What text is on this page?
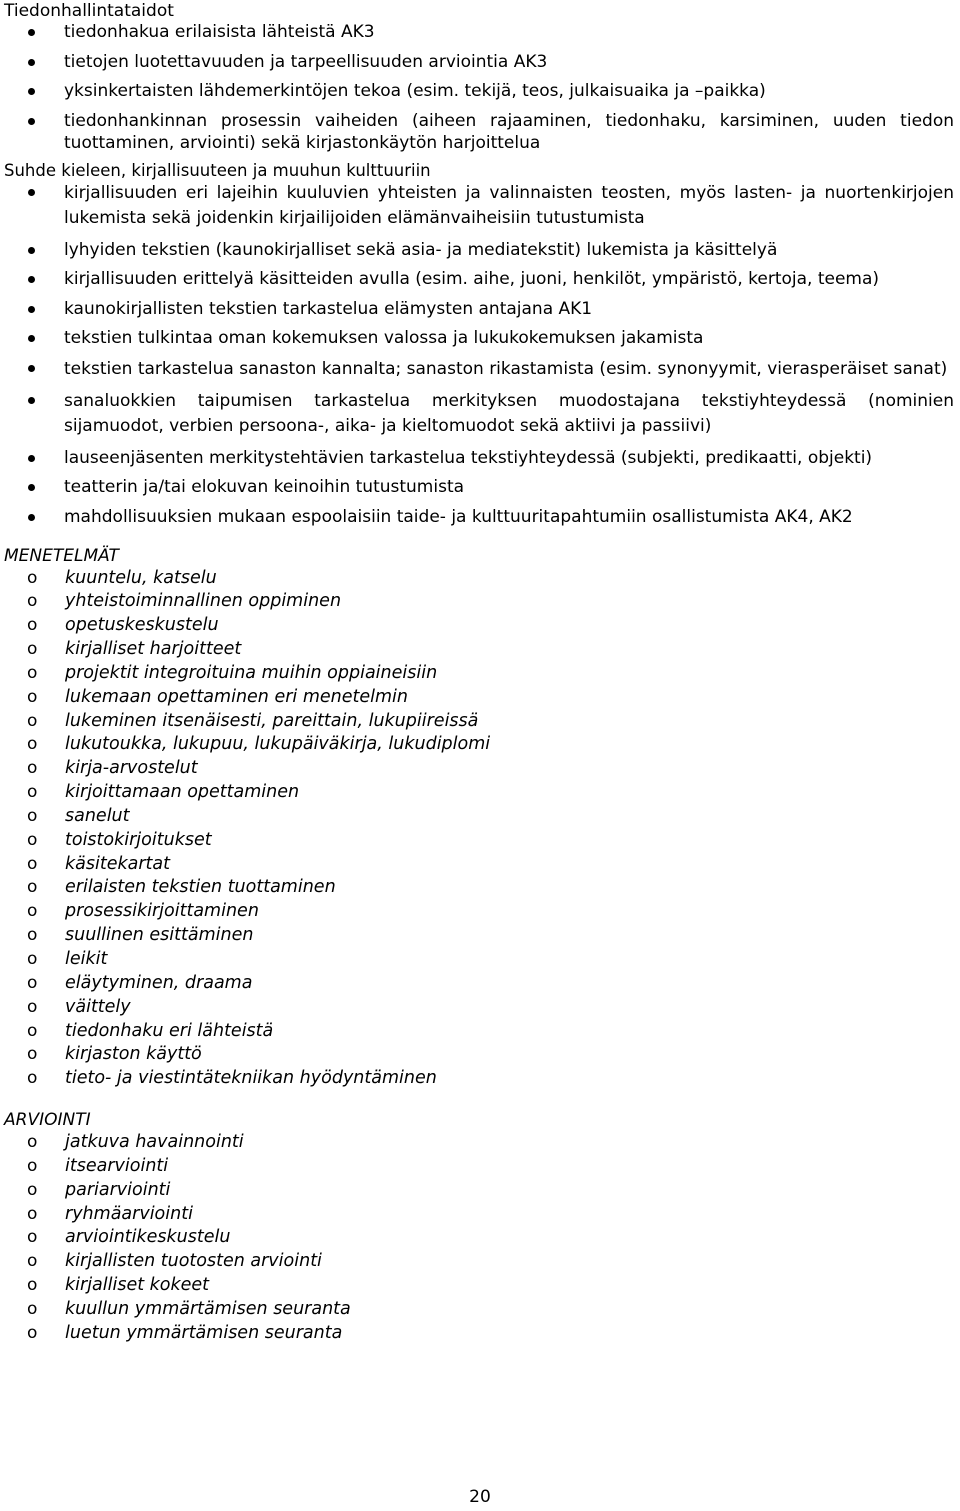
Tiedonhallintataidot

tiedonhakua erilaisista lähteistä AK3
tietojen luotettavuuden ja tarpeellisuuden arviointia AK3
yksinkertaisten lähdemerkintöjen tekoa (esim. tekijä, teos, julkaisuaika ja –paikka)
tiedonhankinnan prosessin vaiheiden (aiheen rajaaminen, tiedonhaku, karsiminen, uuden tiedon tuottaminen, arviointi) sekä kirjastonkäytön harjoittelua

Suhde kieleen, kirjallisuuteen ja muuhun kulttuuriin

kirjallisuuden eri lajeihin kuuluvien yhteisten ja valinnaisten teosten, myös lasten- ja nuortenkirjojen lukemista sekä joidenkin kirjailijoiden elämänvaiheisiin tutustumista
lyhyiden tekstien (kaunokirjalliset sekä asia- ja mediatekstit) lukemista ja käsittelyä
kirjallisuuden erittelyä käsitteiden avulla (esim. aihe, juoni, henkilöt, ympäristö, kertoja, teema)
kaunokirjallisten tekstien tarkastelua elämysten antajana AK1
tekstien tulkintaa oman kokemuksen valossa ja lukukokemuksen jakamista
tekstien tarkastelua sanaston kannalta; sanaston rikastamista (esim. synonyymit, vierasperäiset sanat)
sanaluokkien taipumisen tarkastelua merkityksen muodostajana tekstiyhteydessä (nominien sijamuodot, verbien persoona-, aika- ja kieltomuodot sekä aktiivi ja passiivi)
lauseenjäsenten merkitystehtävien tarkastelua tekstiyhteydessä (subjekti, predikaatti, objekti)
teatterin ja/tai elokuvan keinoihin tutustumista
mahdollisuuksien mukaan espoolaisiin taide- ja kulttuuritapahtumiin osallistumista AK4, AK2

MENETELMÄT

o kuuntelu, katselu
o yhteistoiminnallinen oppiminen
o opetuskeskustelu
o kirjalliset harjoitteet
o projektit integroituina muihin oppiaineisiin
o lukemaan opettaminen eri menetelmin
o lukeminen itsenäisesti, pareittain, lukupiireissä
o lukutoukka, lukupuu, lukupäiväkirja, lukudiplomi
o kirja-arvostelut
o kirjoittamaan opettaminen
o sanelut
o toistokirjoitukset
o käsitekartat
o erilaisten tekstien tuottaminen
o prosessikirjoittaminen
o suullinen esittäminen
o leikit
o eläytyminen, draama
o väittely
o tiedonhaku eri lähteistä
o kirjaston käyttö
o tieto- ja viestintätekniikan hyödyntäminen

ARVIOINTI

o jatkuva havainnointi
o itsearviointi
o pariarviointi
o ryhmäarviointi
o arviointikeskustelu
o kirjallisten tuotosten arviointi
o kirjalliset kokeet
o kuullun ymmärtämisen seuranta
o luetun ymmärtämisen seuranta
20
